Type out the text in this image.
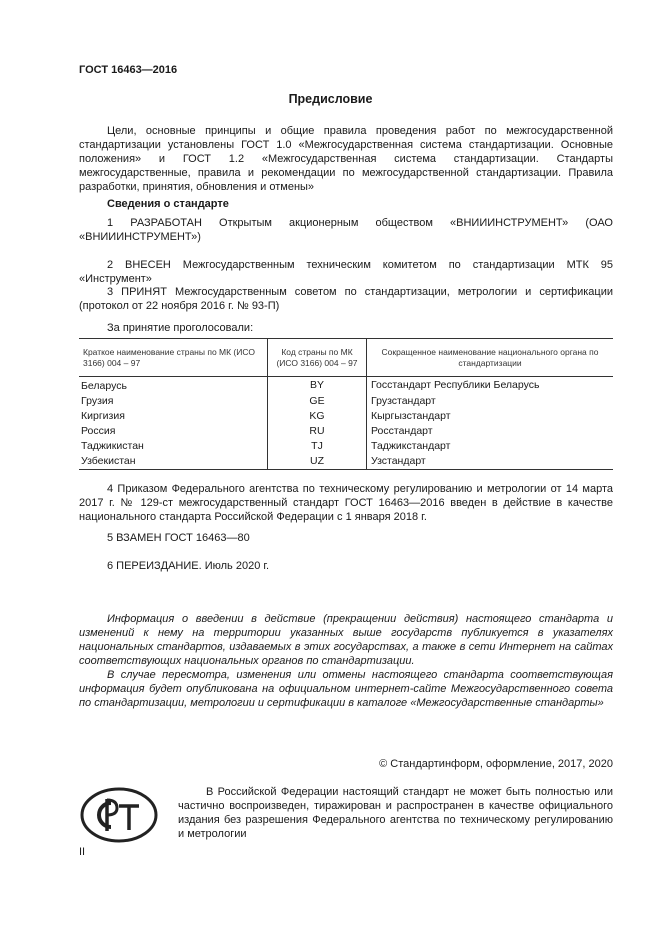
ГОСТ 16463—2016
Предисловие
Цели, основные принципы и общие правила проведения работ по межгосударственной стандартизации установлены ГОСТ 1.0 «Межгосударственная система стандартизации. Основные положения» и ГОСТ 1.2 «Межгосударственная система стандартизации. Стандарты межгосударственные, правила и рекомендации по межгосударственной стандартизации. Правила разработки, принятия, обновления и отмены»
Сведения о стандарте
1 РАЗРАБОТАН Открытым акционерным обществом «ВНИИИНСТРУМЕНТ» (ОАО «ВНИИИНСТРУМЕНТ»)
2 ВНЕСЕН Межгосударственным техническим комитетом по стандартизации МТК 95 «Инструмент»
3 ПРИНЯТ Межгосударственным советом по стандартизации, метрологии и сертификации (протокол от 22 ноября 2016 г. № 93-П)
За принятие проголосовали:
Краткое наименование страны по МК (ИСО 3166) 004 – 97	Код страны по МК (ИСО 3166) 004 – 97	Сокращенное наименование национального органа по стандартизации
Беларусь	BY	Госстандарт Республики Беларусь
Грузия	GE	Грузстандарт
Киргизия	KG	Кыргызстандарт
Россия	RU	Росстандарт
Таджикистан	TJ	Таджикстандарт
Узбекистан	UZ	Узстандарт
4 Приказом Федерального агентства по техническому регулированию и метрологии от 14 марта 2017 г. № 129-ст межгосударственный стандарт ГОСТ 16463—2016 введен в действие в качестве национального стандарта Российской Федерации с 1 января 2018 г.
5 ВЗАМЕН ГОСТ 16463—80
6 ПЕРЕИЗДАНИЕ. Июль 2020 г.
Информация о введении в действие (прекращении действия) настоящего стандарта и изменений к нему на территории указанных выше государств публикуется в указателях национальных стандартов, издаваемых в этих государствах, а также в сети Интернет на сайтах соответствующих национальных органов по стандартизации.
В случае пересмотра, изменения или отмены настоящего стандарта соответствующая информация будет опубликована на официальном интернет-сайте Межгосударственного совета по стандартизации, метрологии и сертификации в каталоге «Межгосударственные стандарты»
© Стандартинформ, оформление, 2017, 2020
В Российской Федерации настоящий стандарт не может быть полностью или частично воспроизведен, тиражирован и распространен в качестве официального издания без разрешения Федерального агентства по техническому регулированию и метрологии
II
